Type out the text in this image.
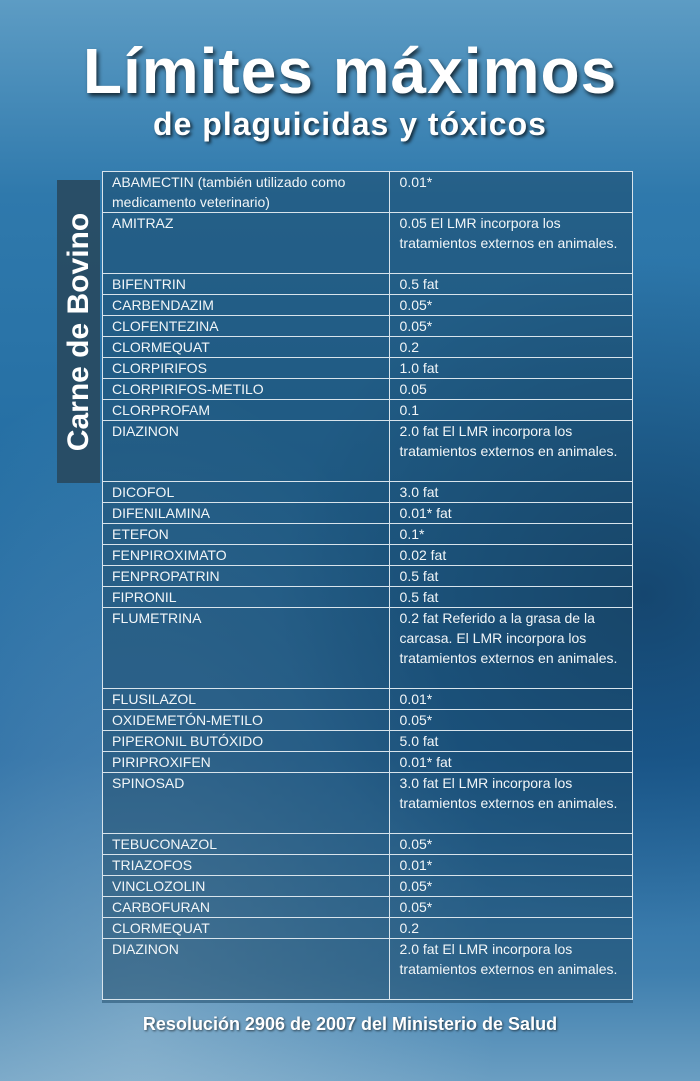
Límites máximos
de plaguicidas y tóxicos
Carne de Bovino
ABAMECTIN (también utilizado como medicamento veterinario)	0.01*
AMITRAZ	0.05 El LMR incorpora los tratamientos externos en animales.
BIFENTRIN	0.5 fat
CARBENDAZIM	0.05*
CLOFENTEZINA	0.05*
CLORMEQUAT	0.2
CLORPIRIFOS	1.0 fat
CLORPIRIFOS-METILO	0.05
CLORPROFAM	0.1
DIAZINON	2.0 fat El LMR incorpora los tratamientos externos en animales.
DICOFOL	3.0 fat
DIFENILAMINA	0.01* fat
ETEFON	0.1*
FENPIROXIMATO	0.02 fat
FENPROPATRIN	0.5 fat
FIPRONIL	0.5 fat
FLUMETRINA	0.2 fat Referido a la grasa de la carcasa. El LMR incorpora los tratamientos externos en animales.
FLUSILAZOL	0.01*
OXIDEMETÓN-METILO	0.05*
PIPERONIL BUTÓXIDO	5.0 fat
PIRIPROXIFEN	0.01* fat
SPINOSAD	3.0 fat El LMR incorpora los tratamientos externos en animales.
TEBUCONAZOL	0.05*
TRIAZOFOS	0.01*
VINCLOZOLIN	0.05*
CARBOFURAN	0.05*
CLORMEQUAT	0.2
DIAZINON	2.0 fat El LMR incorpora los tratamientos externos en animales.
Resolución 2906 de 2007 del Ministerio de Salud
